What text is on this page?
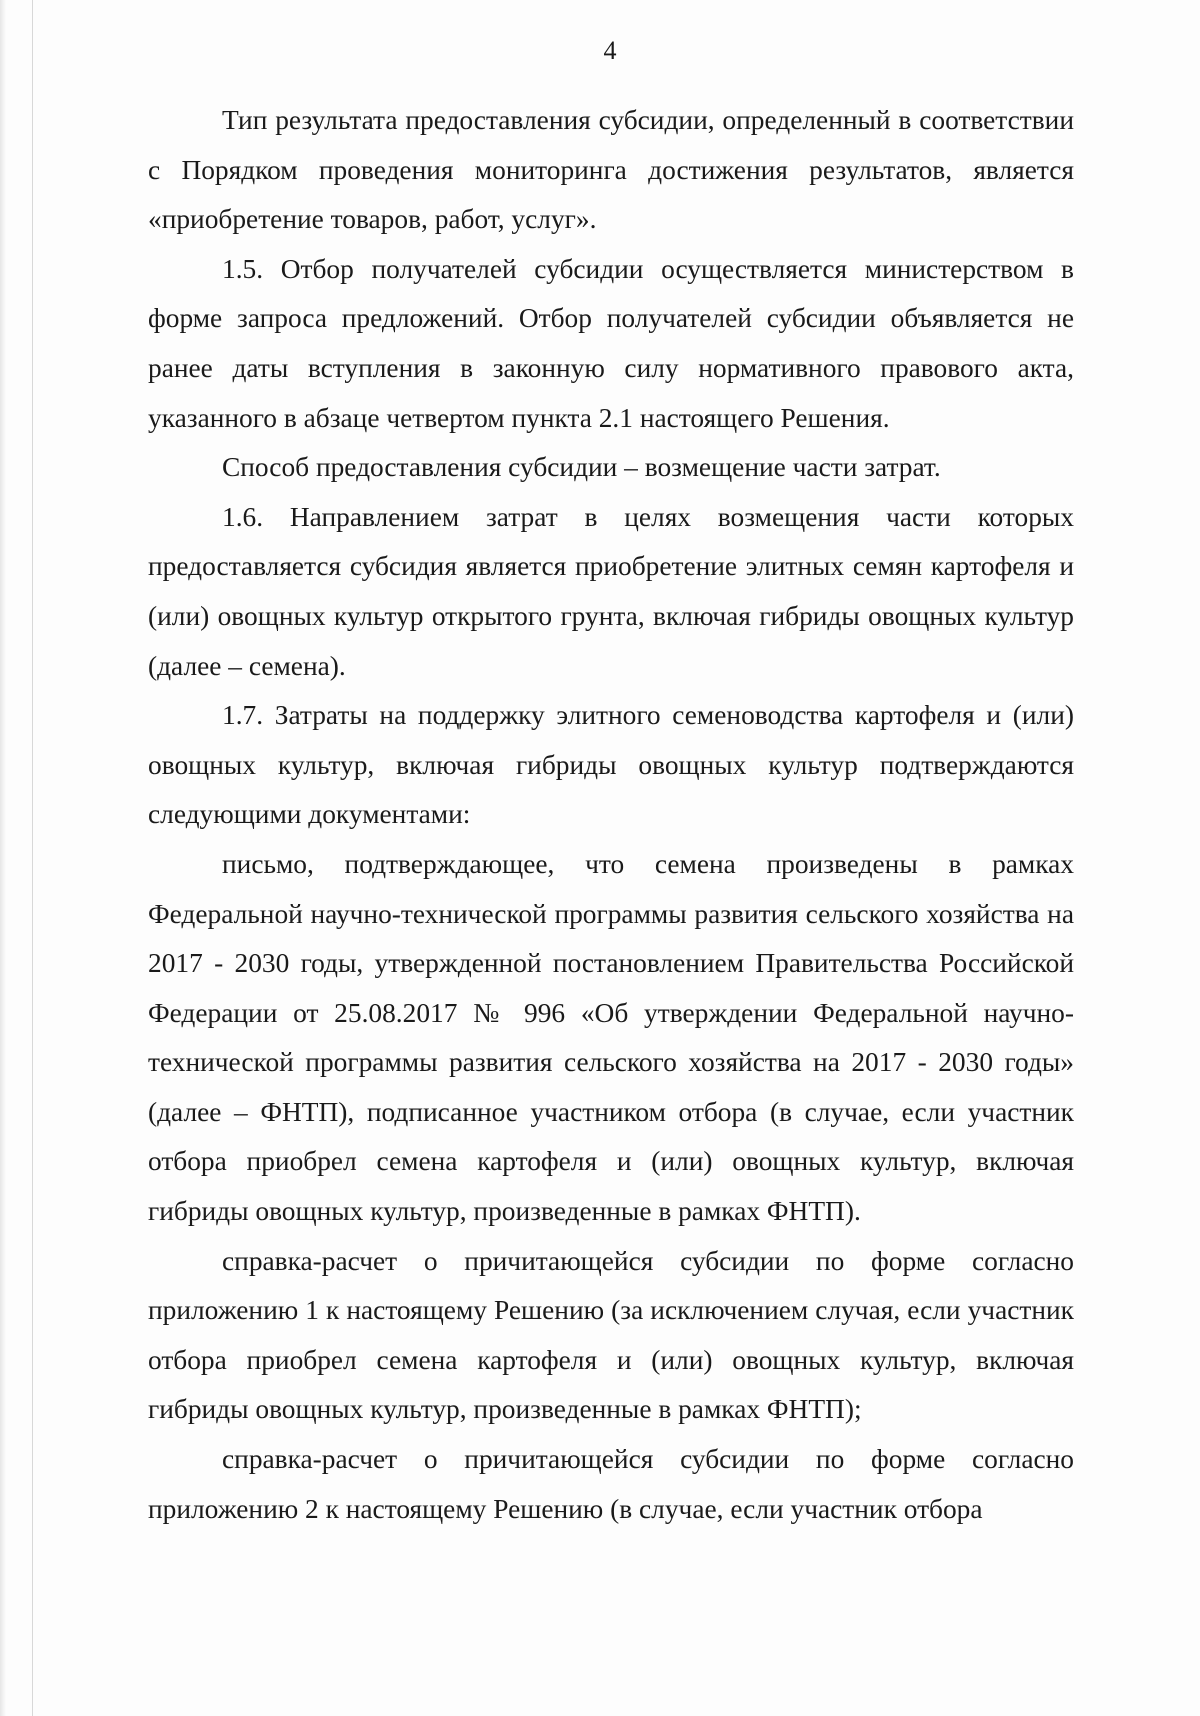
4

Тип результата предоставления субсидии, определенный в соответствии с Порядком проведения мониторинга достижения результатов, является «приобретение товаров, работ, услуг».

1.5. Отбор получателей субсидии осуществляется министерством в форме запроса предложений. Отбор получателей субсидии объявляется не ранее даты вступления в законную силу нормативного правового акта, указанного в абзаце четвертом пункта 2.1 настоящего Решения.

Способ предоставления субсидии – возмещение части затрат.

1.6. Направлением затрат в целях возмещения части которых предоставляется субсидия является приобретение элитных семян картофеля и (или) овощных культур открытого грунта, включая гибриды овощных культур (далее – семена).

1.7. Затраты на поддержку элитного семеноводства картофеля и (или) овощных культур, включая гибриды овощных культур подтверждаются следующими документами:

письмо, подтверждающее, что семена произведены в рамках Федеральной научно-технической программы развития сельского хозяйства на 2017 - 2030 годы, утвержденной постановлением Правительства Российской Федерации от 25.08.2017 № 996 «Об утверждении Федеральной научно-технической программы развития сельского хозяйства на 2017 - 2030 годы» (далее – ФНТП), подписанное участником отбора (в случае, если участник отбора приобрел семена картофеля и (или) овощных культур, включая гибриды овощных культур, произведенные в рамках ФНТП).

справка-расчет о причитающейся субсидии по форме согласно приложению 1 к настоящему Решению (за исключением случая, если участник отбора приобрел семена картофеля и (или) овощных культур, включая гибриды овощных культур, произведенные в рамках ФНТП);

справка-расчет о причитающейся субсидии по форме согласно приложению 2 к настоящему Решению (в случае, если участник отбора
